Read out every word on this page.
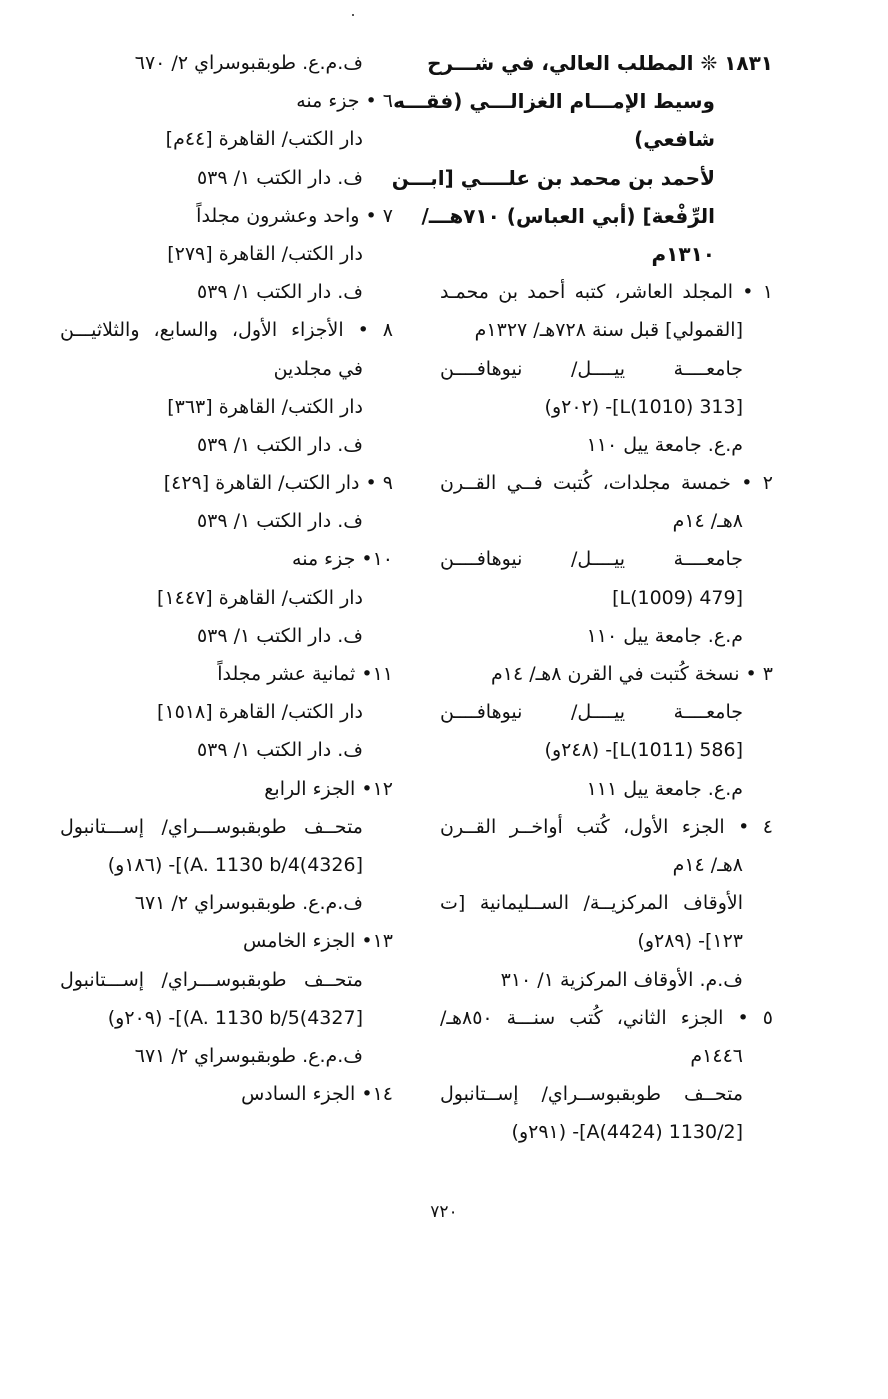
١٨٣١ ❊ المطلب العالي، في شـــرح
وسيط الإمـــام الغزالـــي (فقـــه
شافعي)
لأحمد بن محمد بن علــــي [ابـــن
الرِّفْعة] (أبي العباس) ٧١٠هـــ/
١٣١٠م
١ • المجلد العاشر، كتبه أحمد بن محمـد
[القمولي] قبل سنة ٧٢٨هـ/ ١٣٢٧م
جامعــــة ييــــل/ نيوهافــــن
[313 L(1010)]- (٢٠٢و)
م.ع. جامعة ييل ١١٠
٢ • خمسة مجلدات، كُتبت فــي القــرن
٨هـ/ ١٤م
جامعــــة ييــــل/ نيوهافــــن
[479 L(1009)]
م.ع. جامعة ييل ١١٠
٣ • نسخة كُتبت في القرن ٨هـ/ ١٤م
جامعــــة ييــــل/ نيوهافــــن
[586 L(1011)]- (٢٤٨و)
م.ع. جامعة ييل ١١١
٤ • الجزء الأول، كُتب أواخــر القــرن
٨هـ/ ١٤م
الأوقاف المركزيــة/ الســليمانية [ت
١٢٣]- (٢٨٩و)
ف.م. الأوقاف المركزية ١/ ٣١٠
٥ • الجزء الثاني، كُتب سنـــة ٨٥٠هـ/
١٤٤٦م
متحــف طوبقبوســراي/ إســتانبول
[1130/2 A(4424)]- (٢٩١و)
ف.م.ع. طوبقبوسراي ٢/ ٦٧٠
٦ • جزء منه
دار الكتب/ القاهرة [٤٤م]
ف. دار الكتب ١/ ٥٣٩
٧ • واحد وعشرون مجلداً
دار الكتب/ القاهرة [٢٧٩]
ف. دار الكتب ١/ ٥٣٩
٨ • الأجزاء الأول، والسابع، والثلاثيـــن
في مجلدين
دار الكتب/ القاهرة [٣٦٣]
ف. دار الكتب ١/ ٥٣٩
٩ • دار الكتب/ القاهرة [٤٢٩]
ف. دار الكتب ١/ ٥٣٩
١٠• جزء منه
دار الكتب/ القاهرة [١٤٤٧]
ف. دار الكتب ١/ ٥٣٩
١١• ثمانية عشر مجلداً
دار الكتب/ القاهرة [١٥١٨]
ف. دار الكتب ١/ ٥٣٩
١٢• الجزء الرابع
متحــف طوبقبوســـراي/ إســـتانبول
[4326)A. 1130 b/4)]- (١٨٦و)
ف.م.ع. طوبقبوسراي ٢/ ٦٧١
١٣• الجزء الخامس
متحــف طوبقبوســـراي/ إســـتانبول
[4327)A. 1130 b/5)]- (٢٠٩و)
ف.م.ع. طوبقبوسراي ٢/ ٦٧١
١٤• الجزء السادس
٧٢٠
